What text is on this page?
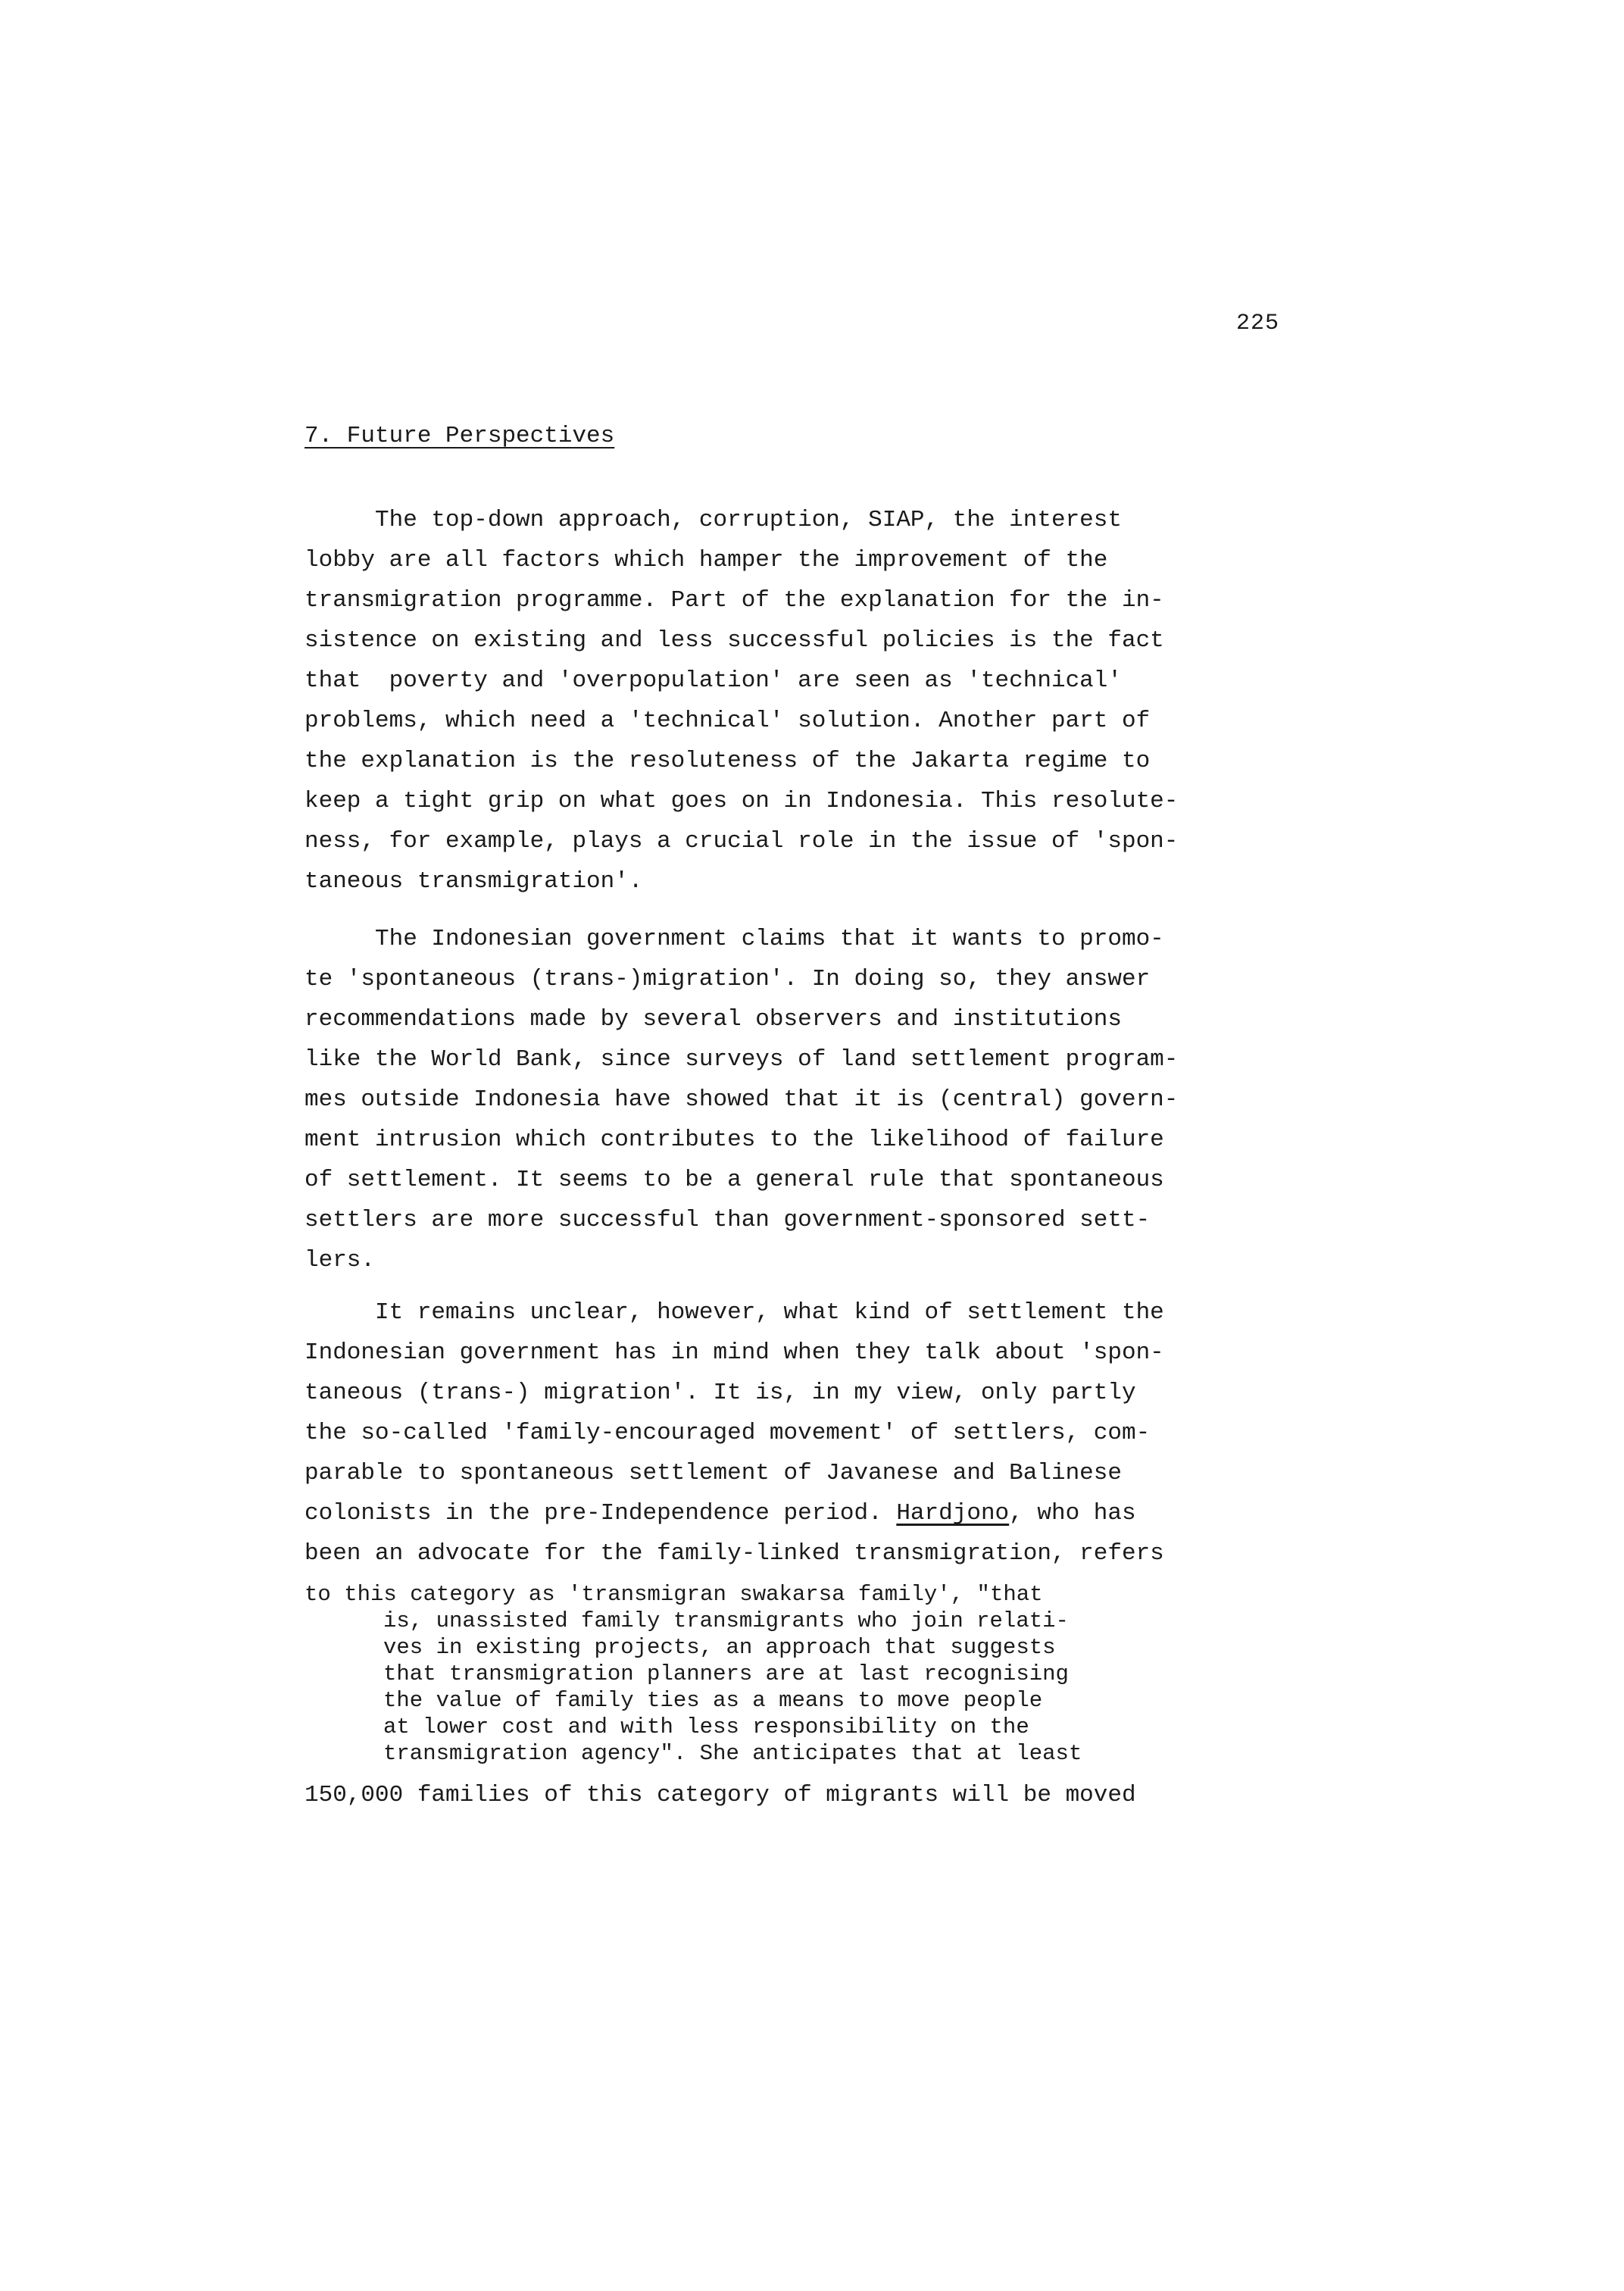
225
7. Future Perspectives
The top-down approach, corruption, SIAP, the interest
lobby are all factors which hamper the improvement of the
transmigration programme. Part of the explanation for the in-
sistence on existing and less successful policies is the fact
that  poverty and 'overpopulation' are seen as 'technical'
problems, which need a 'technical' solution. Another part of
the explanation is the resoluteness of the Jakarta regime to
keep a tight grip on what goes on in Indonesia. This resolute-
ness, for example, plays a crucial role in the issue of 'spon-
taneous transmigration'.
The Indonesian government claims that it wants to promo-
te 'spontaneous (trans-)migration'. In doing so, they answer
recommendations made by several observers and institutions
like the World Bank, since surveys of land settlement program-
mes outside Indonesia have showed that it is (central) govern-
ment intrusion which contributes to the likelihood of failure
of settlement. It seems to be a general rule that spontaneous
settlers are more successful than government-sponsored sett-
lers.
It remains unclear, however, what kind of settlement the
Indonesian government has in mind when they talk about 'spon-
taneous (trans-) migration'. It is, in my view, only partly
the so-called 'family-encouraged movement' of settlers, com-
parable to spontaneous settlement of Javanese and Balinese
colonists in the pre-Independence period. Hardjono, who has
been an advocate for the family-linked transmigration, refers
to this category as 'transmigran swakarsa family', "that
is, unassisted family transmigrants who join relati-
ves in existing projects, an approach that suggests
that transmigration planners are at last recognising
the value of family ties as a means to move people
at lower cost and with less responsibility on the
transmigration agency". She anticipates that at least
150,000 families of this category of migrants will be moved
